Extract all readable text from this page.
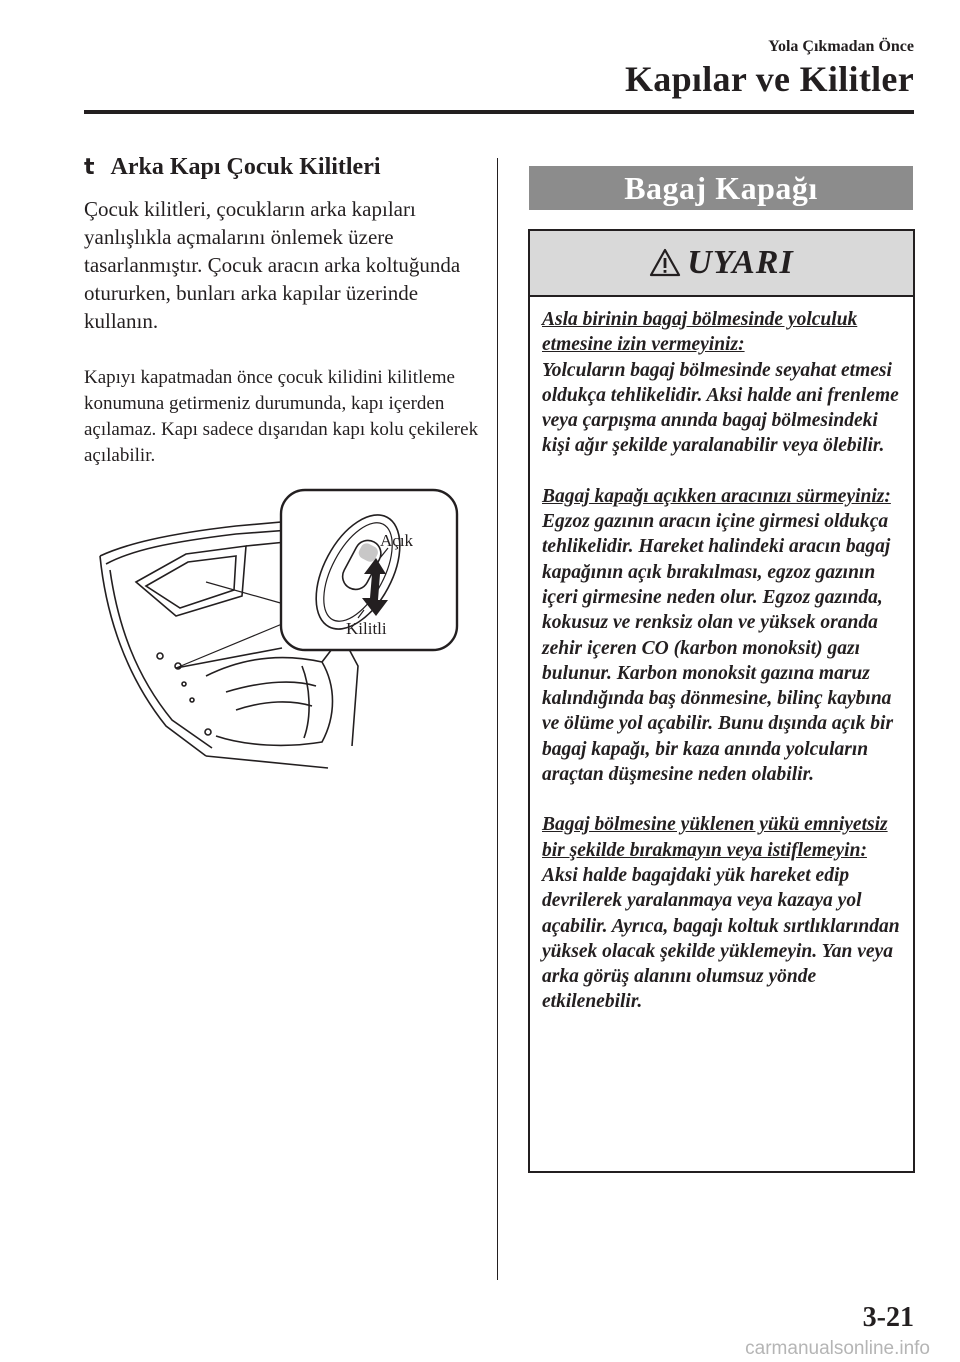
Yola Çıkmadan Önce
Kapılar ve Kilitler
t Arka Kapı Çocuk Kilitleri

Çocuk kilitleri, çocukların arka kapıları yanlışlıkla açmalarını önlemek üzere tasarlanmıştır. Çocuk aracın arka koltuğunda otururken, bunları arka kapılar üzerinde kullanın.

Kapıyı kapatmadan önce çocuk kilidini kilitleme konumuna getirmeniz durumunda, kapı içerden açılamaz. Kapı sadece dışarıdan kapı kolu çekilerek açılabilir.

Açık
Kilitli
Bagaj Kapağı
UYARI

Asla birinin bagaj bölmesinde yolculuk etmesine izin vermeyiniz:
Yolcuların bagaj bölmesinde seyahat etmesi oldukça tehlikelidir. Aksi halde ani frenleme veya çarpışma anında bagaj bölmesindeki kişi ağır şekilde yaralanabilir veya ölebilir.

Bagaj kapağı açıkken aracınızı sürmeyiniz:
Egzoz gazının aracın içine girmesi oldukça tehlikelidir. Hareket halindeki aracın bagaj kapağının açık bırakılması, egzoz gazının içeri girmesine neden olur. Egzoz gazında, kokusuz ve renksiz olan ve yüksek oranda zehir içeren CO (karbon monoksit) gazı bulunur. Karbon monoksit gazına maruz kalındığında baş dönmesine, bilinç kaybına ve ölüme yol açabilir. Bunu dışında açık bir bagaj kapağı, bir kaza anında yolcuların araçtan düşmesine neden olabilir.

Bagaj bölmesine yüklenen yükü emniyetsiz bir şekilde bırakmayın veya istiflemeyin:
Aksi halde bagajdaki yük hareket edip devrilerek yaralanmaya veya kazaya yol açabilir. Ayrıca, bagajı koltuk sırtlıklarından yüksek olacak şekilde yüklemeyin. Yan veya arka görüş alanını olumsuz yönde etkilenebilir.

3-21
carmanualsonline.info
